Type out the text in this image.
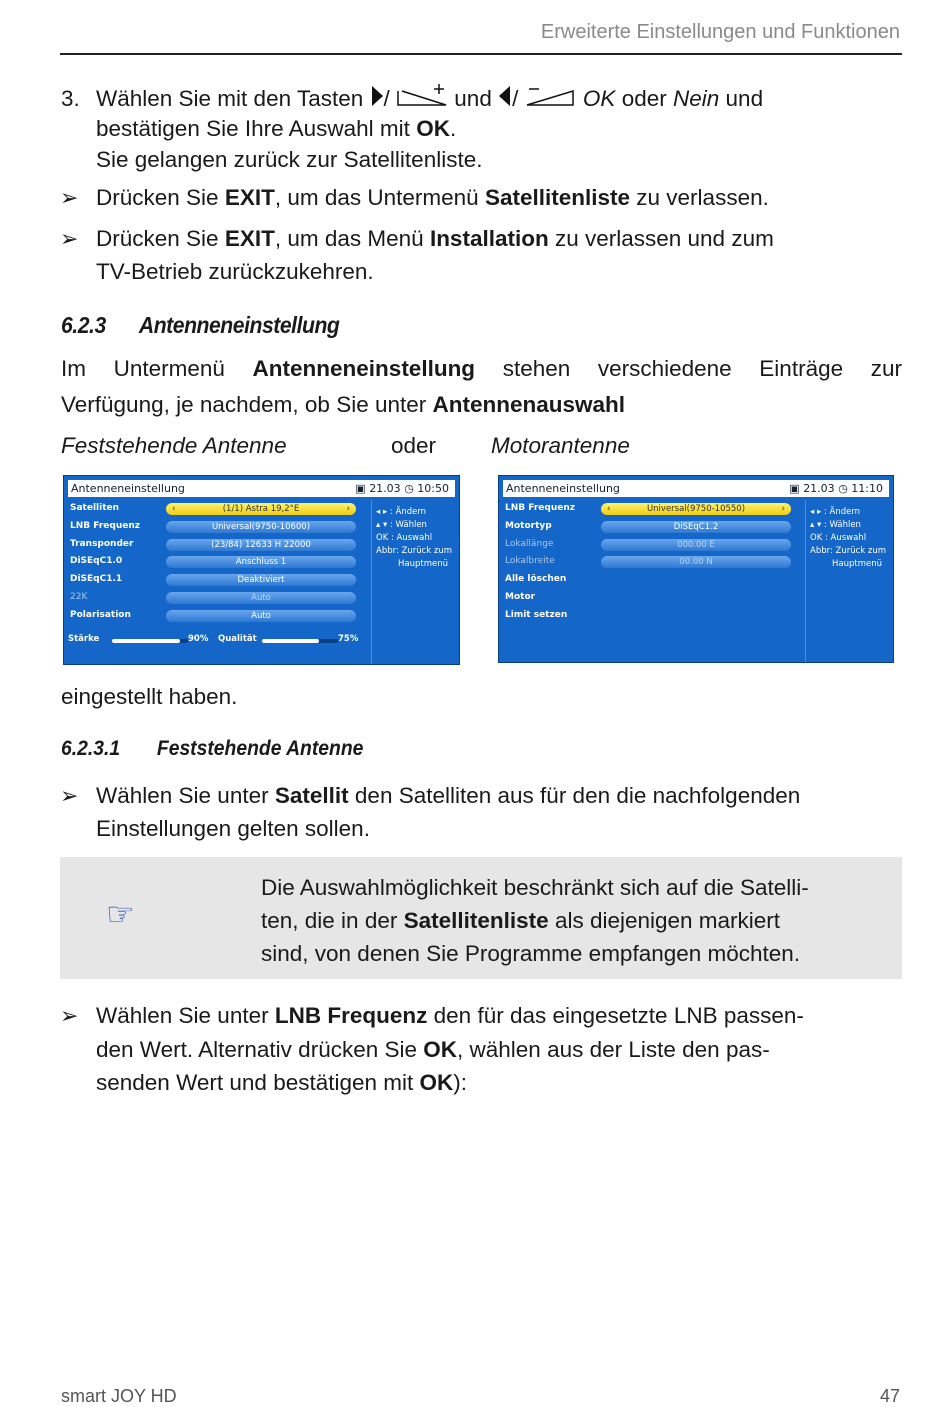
Erweiterte Einstellungen und Funktionen
3. Wählen Sie mit den Tasten /	und /	OK oder Nein und
bestätigen Sie Ihre Auswahl mit OK.
Sie gelangen zurück zur Satellitenliste.
➢ Drücken Sie EXIT, um das Untermenü Satellitenliste zu verlassen.
➢ Drücken Sie EXIT, um das Menü Installation zu verlassen und zum
TV-Betrieb zurückzukehren.
6.2.3 Antenneneinstellung
Im Untermenü Antenneneinstellung stehen verschiedene Einträge zur
Verfügung, je nachdem, ob Sie unter Antennenauswahl
Feststehende Antenne	oder Motorantenne
Antenneneinstellung	▣ 21.03 ◷ 10:50
Satelliten	(1/1) Astra 19,2°E
‹	›
LNB Frequenz	Universal(9750-10600)
Transponder	(23/84) 12633 H 22000
DiSEqC1.0	Anschluss 1
DiSEqC1.1	Deaktiviert
22K	Auto
Polarisation	Auto
◂ ▸ : Ändern
▴ ▾ : Wählen
OK : Auswahl
Abbr: Zurück zum
Hauptmenü
Stärke	90% Qualität	75%
Antenneneinstellung	▣ 21.03 ◷ 11:10
LNB Frequenz	Universal(9750-10550)
‹	›
Motortyp	DiSEqC1.2
Lokallänge	000.00 E
Lokalbreite	00.00 N
Alle löschen
Motor
Limit setzen
◂ ▸ : Ändern
▴ ▾ : Wählen
OK : Auswahl
Abbr: Zurück zum
Hauptmenü
eingestellt haben.
6.2.3.1 Feststehende Antenne
➢ Wählen Sie unter Satellit den Satelliten aus für den die nachfolgenden
Einstellungen gelten sollen.
☞
Die Auswahlmöglichkeit beschränkt sich auf die Satelli-
ten, die in der Satellitenliste als diejenigen markiert
sind, von denen Sie Programme empfangen möchten.
➢ Wählen Sie unter LNB Frequenz den für das eingesetzte LNB passen-
den Wert. Alternativ drücken Sie OK, wählen aus der Liste den pas-
senden Wert und bestätigen mit OK):
smart JOY HD	47
